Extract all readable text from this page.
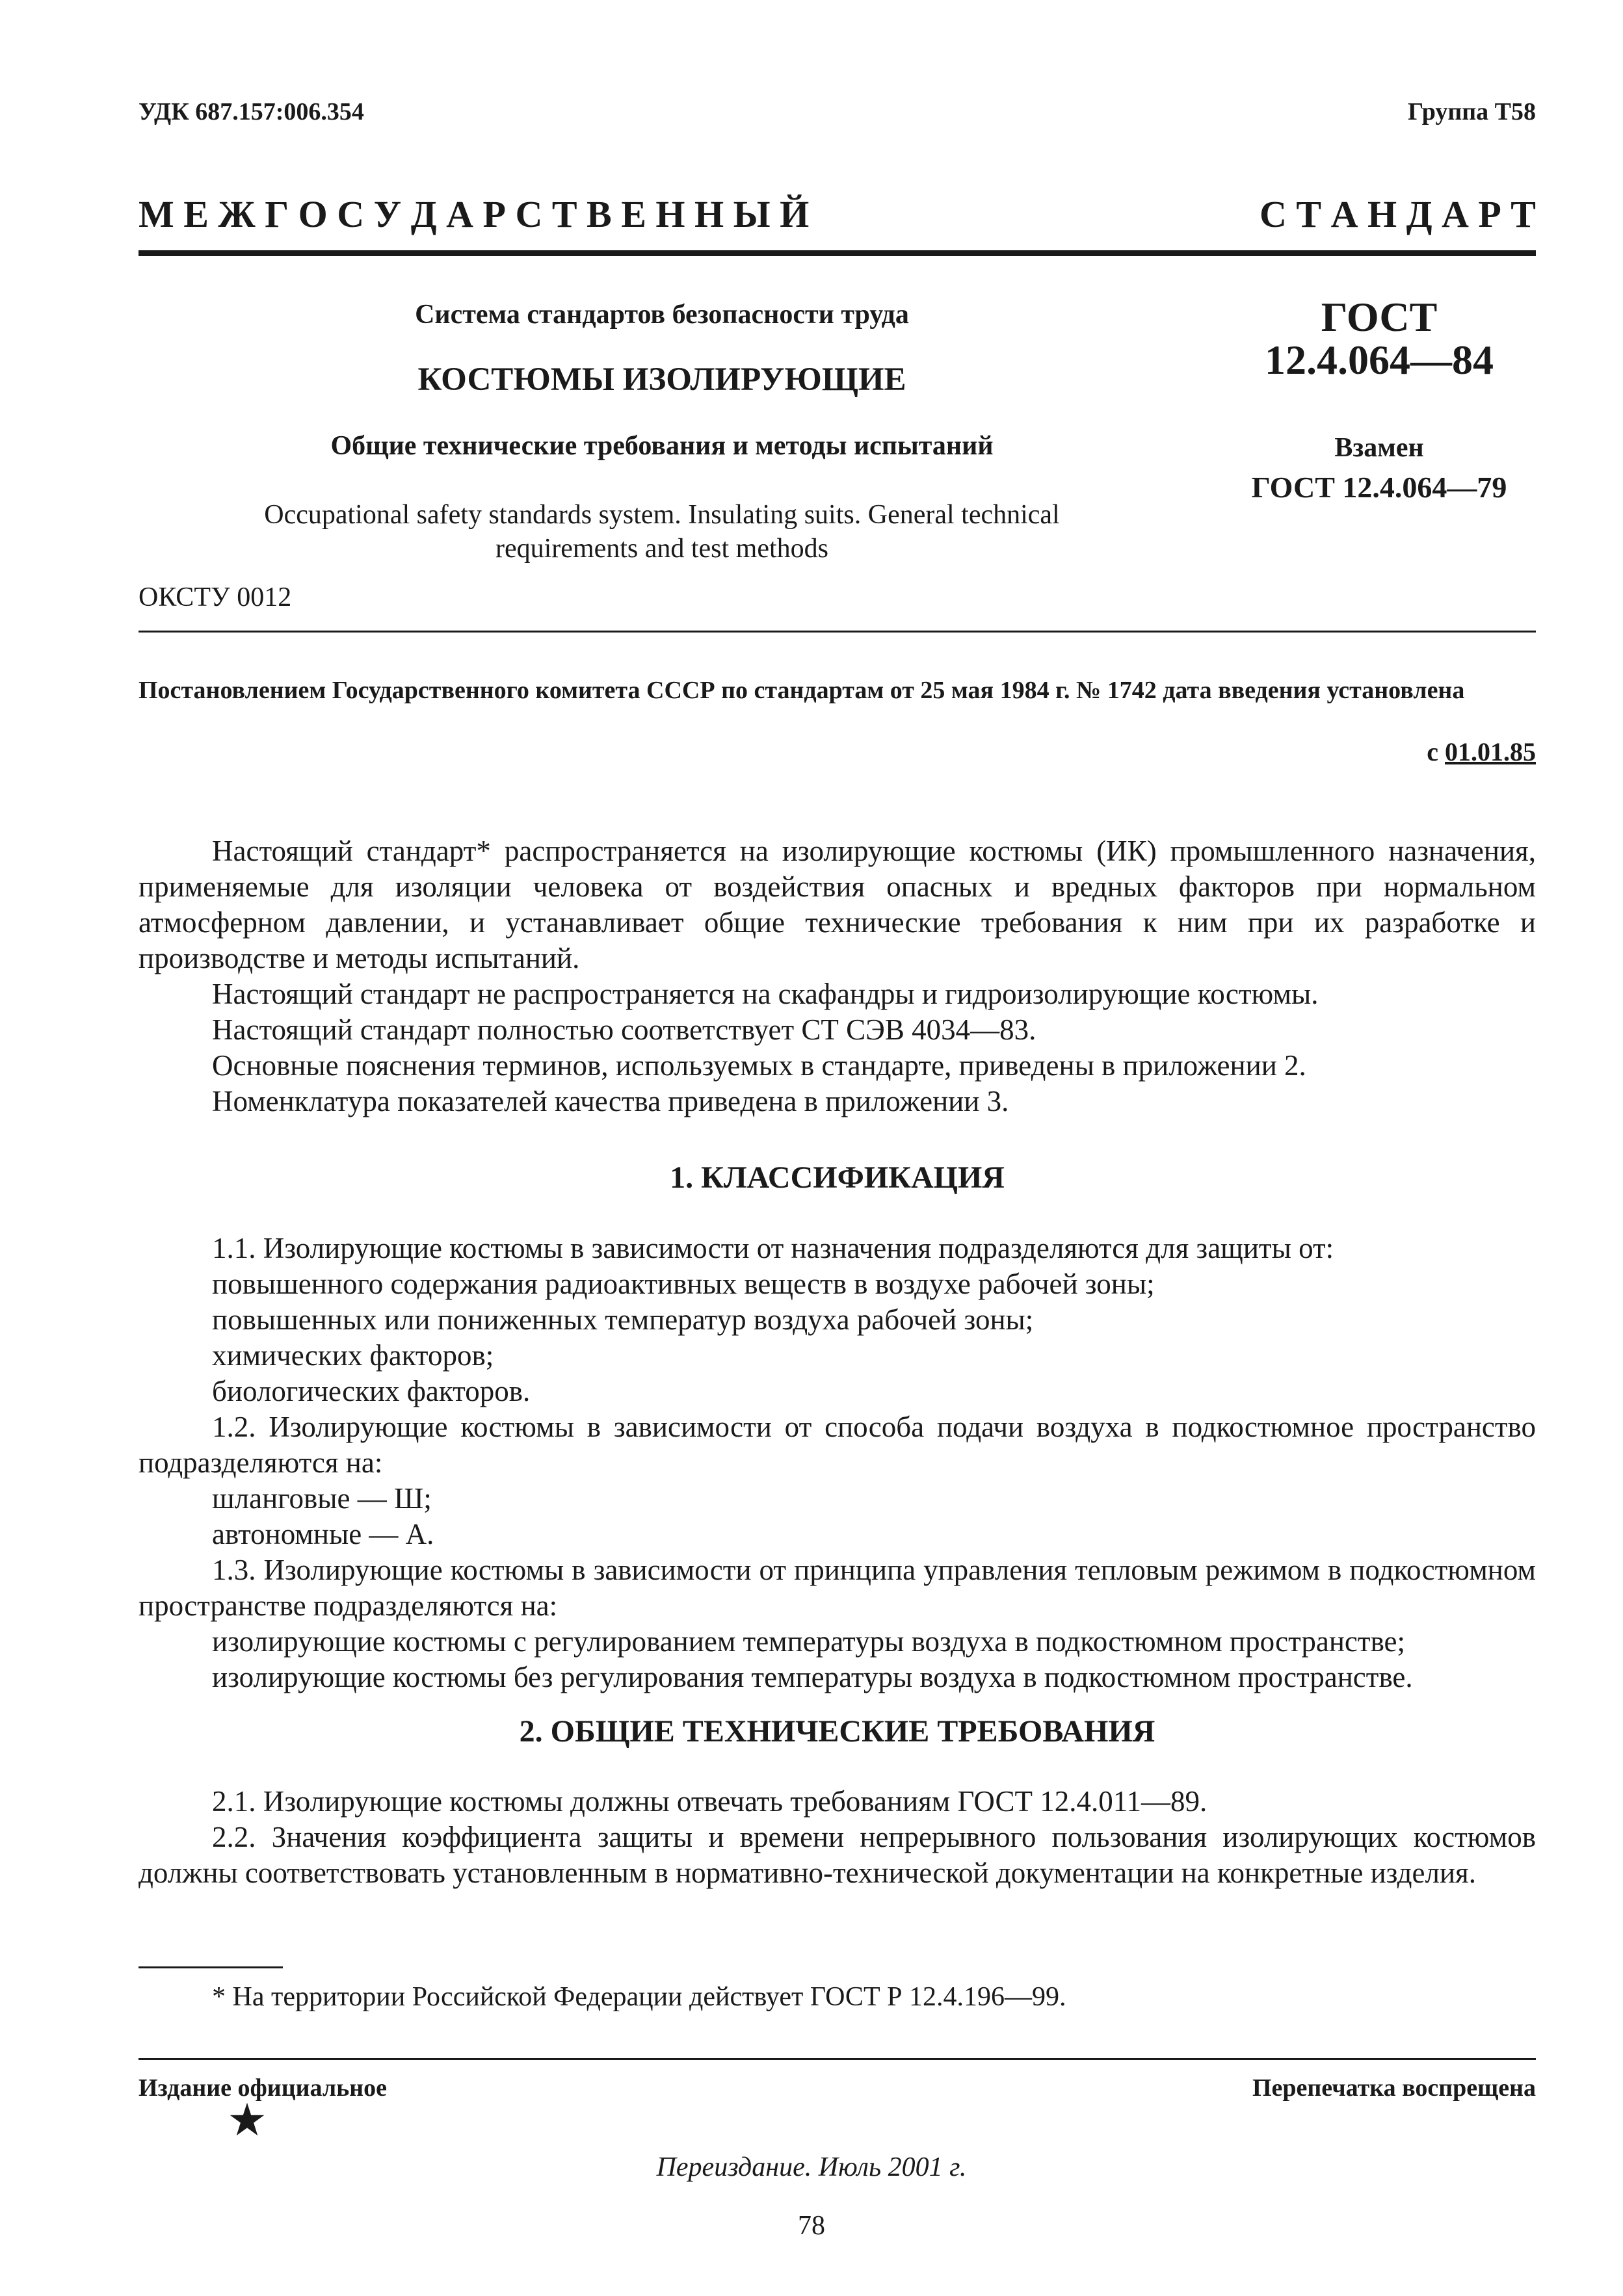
УДК 687.157:006.354	Группа Т58
М Е Ж Г О С У Д А Р С Т В Е Н Н Ы Й	С Т А Н Д А Р Т
Система стандартов безопасности труда
КОСТЮМЫ ИЗОЛИРУЮЩИЕ
Общие технические требования и методы испытаний
Occupational safety standards system. Insulating suits. General technical
requirements and test methods
ГОСТ
12.4.064—84
Взамен
ГОСТ 12.4.064—79
ОКСТУ 0012
Постановлением Государственного комитета СССР по стандартам от 25 мая 1984 г. № 1742 дата введения установлена
с 01.01.85

Настоящий стандарт* распространяется на изолирующие костюмы (ИК) промышленного назначения, применяемые для изоляции человека от воздействия опасных и вредных факторов при нормальном атмосферном давлении, и устанавливает общие технические требования к ним при их разработке и производстве и методы испытаний.

Настоящий стандарт не распространяется на скафандры и гидроизолирующие костюмы.

Настоящий стандарт полностью соответствует СТ СЭВ 4034—83.

Основные пояснения терминов, используемых в стандарте, приведены в приложении 2.

Номенклатура показателей качества приведена в приложении 3.

1. КЛАССИФИКАЦИЯ

1.1. Изолирующие костюмы в зависимости от назначения подразделяются для защиты от:

повышенного содержания радиоактивных веществ в воздухе рабочей зоны;

повышенных или пониженных температур воздуха рабочей зоны;

химических факторов;

биологических факторов.

1.2. Изолирующие костюмы в зависимости от способа подачи воздуха в подкостюмное пространство подразделяются на:

шланговые — Ш;

автономные — А.

1.3. Изолирующие костюмы в зависимости от принципа управления тепловым режимом в подкостюмном пространстве подразделяются на:

изолирующие костюмы с регулированием температуры воздуха в подкостюмном пространстве;

изолирующие костюмы без регулирования температуры воздуха в подкостюмном пространстве.

2. ОБЩИЕ ТЕХНИЧЕСКИЕ ТРЕБОВАНИЯ

2.1. Изолирующие костюмы должны отвечать требованиям ГОСТ 12.4.011—89.

2.2. Значения коэффициента защиты и времени непрерывного пользования изолирующих костюмов должны соответствовать установленным в нормативно-технической документации на конкретные изделия.

* На территории Российской Федерации действует ГОСТ Р 12.4.196—99.
Издание официальное	Перепечатка воспрещена
Переиздание. Июль 2001 г.
78
